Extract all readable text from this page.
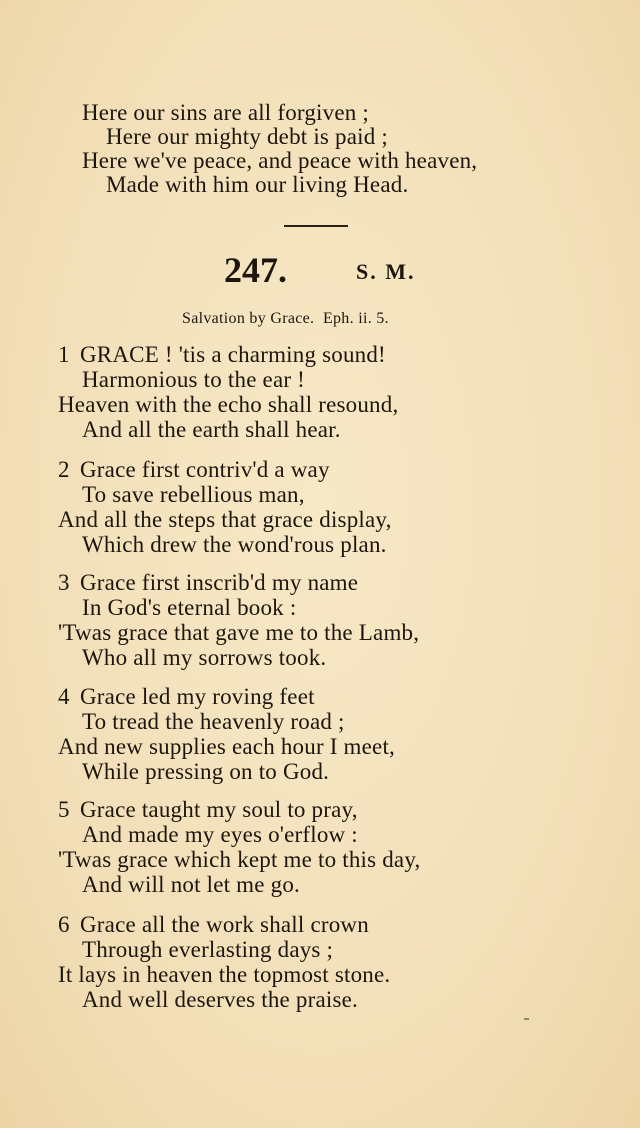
Here our sins are all forgiven ;
Here our mighty debt is paid ;
Here we've peace, and peace with heaven,
Made with him our living Head.
247.	S. M.
Salvation by Grace. Eph. ii. 5.
1 GRACE ! 'tis a charming sound!
Harmonious to the ear !
Heaven with the echo shall resound,
And all the earth shall hear.
2 Grace first contriv'd a way
To save rebellious man,
And all the steps that grace display,
Which drew the wond'rous plan.
3 Grace first inscrib'd my name
In God's eternal book :
'Twas grace that gave me to the Lamb,
Who all my sorrows took.
4 Grace led my roving feet
To tread the heavenly road ;
And new supplies each hour I meet,
While pressing on to God.
5 Grace taught my soul to pray,
And made my eyes o'erflow :
'Twas grace which kept me to this day,
And will not let me go.
6 Grace all the work shall crown
Through everlasting days ;
It lays in heaven the topmost stone.
And well deserves the praise.
